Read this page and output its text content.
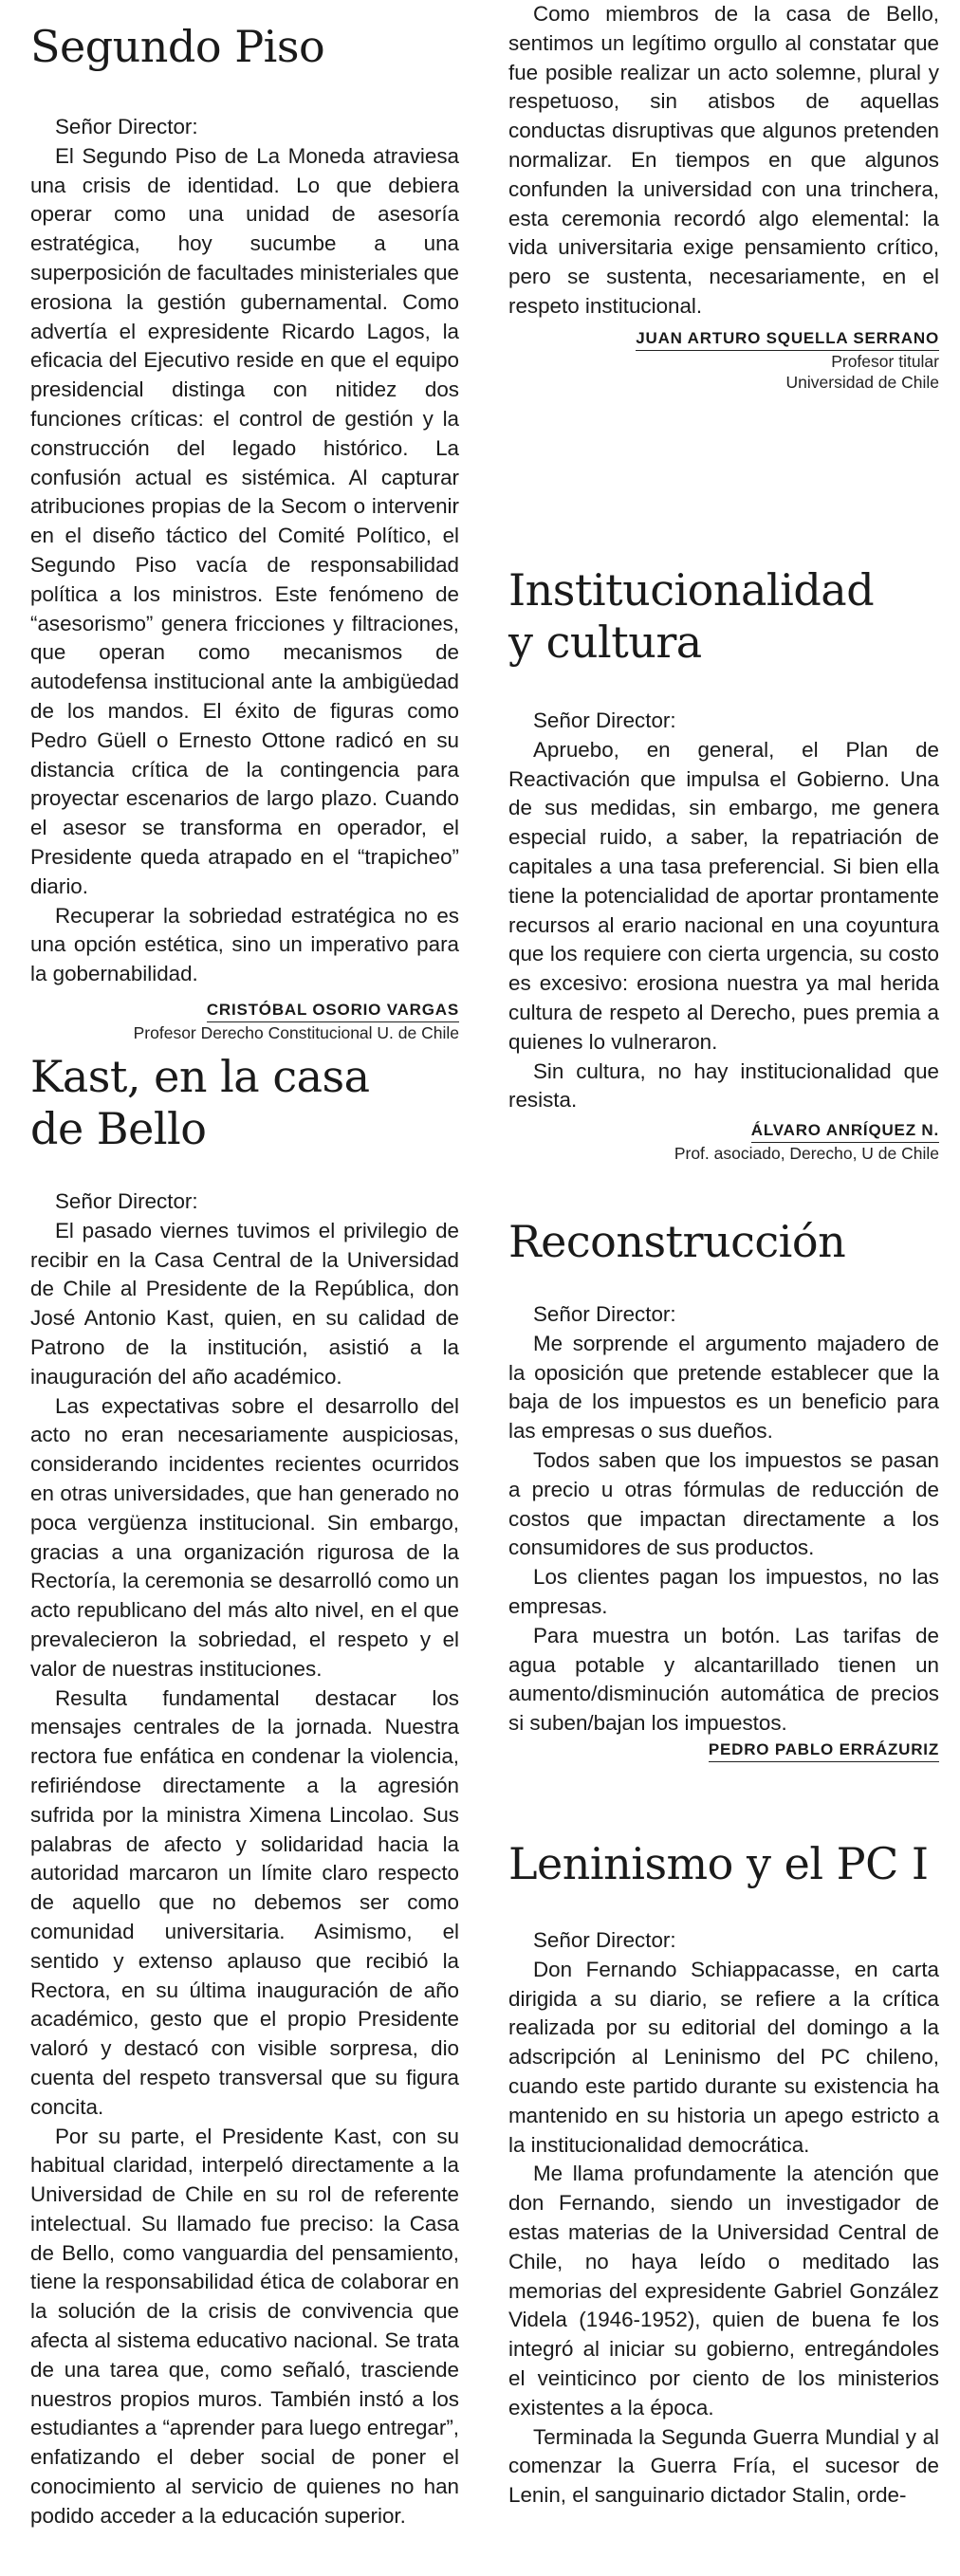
Segundo Piso

Señor Director:

El Segundo Piso de La Moneda atraviesa una crisis de identidad. Lo que debiera operar como una unidad de asesoría estratégica, hoy sucumbe a una superposición de facultades ministeriales que erosiona la gestión gubernamental. Como advertía el expresidente Ricardo Lagos, la eficacia del Ejecutivo reside en que el equipo presidencial distinga con nitidez dos funciones críticas: el control de gestión y la construcción del legado histórico. La confusión actual es sistémica. Al capturar atribuciones propias de la Secom o intervenir en el diseño táctico del Comité Político, el Segundo Piso vacía de responsabilidad política a los ministros. Este fenómeno de “asesorismo” genera fricciones y filtraciones, que operan como mecanismos de autodefensa institucional ante la ambigüedad de los mandos. El éxito de figuras como Pedro Güell o Ernesto Ottone radicó en su distancia crítica de la contingencia para proyectar escenarios de largo plazo. Cuando el asesor se transforma en operador, el Presidente queda atrapado en el “trapicheo” diario.

Recuperar la sobriedad estratégica no es una opción estética, sino un imperativo para la gobernabilidad.

CRISTÓBAL OSORIO VARGAS
Profesor Derecho Constitucional U. de Chile
Kast, en la casa
de Bello

Señor Director:

El pasado viernes tuvimos el privilegio de recibir en la Casa Central de la Universidad de Chile al Presidente de la República, don José Antonio Kast, quien, en su calidad de Patrono de la institución, asistió a la inauguración del año académico.

Las expectativas sobre el desarrollo del acto no eran necesariamente auspiciosas, considerando incidentes recientes ocurridos en otras universidades, que han generado no poca vergüenza institucional. Sin embargo, gracias a una organización rigurosa de la Rectoría, la ceremonia se desarrolló como un acto republicano del más alto nivel, en el que prevalecieron la sobriedad, el respeto y el valor de nuestras instituciones.

Resulta fundamental destacar los mensajes centrales de la jornada. Nuestra rectora fue enfática en condenar la violencia, refiriéndose directamente a la agresión sufrida por la ministra Ximena Lincolao. Sus palabras de afecto y solidaridad hacia la autoridad marcaron un límite claro respecto de aquello que no debemos ser como comunidad universitaria. Asimismo, el sentido y extenso aplauso que recibió la Rectora, en su última inauguración de año académico, gesto que el propio Presidente valoró y destacó con visible sorpresa, dio cuenta del respeto transversal que su figura concita.

Por su parte, el Presidente Kast, con su habitual claridad, interpeló directamente a la Universidad de Chile en su rol de referente intelectual. Su llamado fue preciso: la Casa de Bello, como vanguardia del pensamiento, tiene la responsabilidad ética de colaborar en la solución de la crisis de convivencia que afecta al sistema educativo nacional. Se trata de una tarea que, como señaló, trasciende nuestros propios muros. También instó a los estudiantes a “aprender para luego entregar”, enfatizando el deber social de poner el conocimiento al servicio de quienes no han podido acceder a la educación superior.

Como miembros de la casa de Bello, sentimos un legítimo orgullo al constatar que fue posible realizar un acto solemne, plural y respetuoso, sin atisbos de aquellas conductas disruptivas que algunos pretenden normalizar. En tiempos en que algunos confunden la universidad con una trinchera, esta ceremonia recordó algo elemental: la vida universitaria exige pensamiento crítico, pero se sustenta, necesariamente, en el respeto institucional.

JUAN ARTURO SQUELLA SERRANO
Profesor titular
Universidad de Chile
Institucionalidad
y cultura

Señor Director:

Apruebo, en general, el Plan de Reactivación que impulsa el Gobierno. Una de sus medidas, sin embargo, me genera especial ruido, a saber, la repatriación de capitales a una tasa preferencial. Si bien ella tiene la potencialidad de aportar prontamente recursos al erario nacional en una coyuntura que los requiere con cierta urgencia, su costo es excesivo: erosiona nuestra ya mal herida cultura de respeto al Derecho, pues premia a quienes lo vulneraron.

Sin cultura, no hay institucionalidad que resista.

ÁLVARO ANRÍQUEZ N.
Prof. asociado, Derecho, U de Chile
Reconstrucción

Señor Director:

Me sorprende el argumento majadero de la oposición que pretende establecer que la baja de los impuestos es un beneficio para las empresas o sus dueños.

Todos saben que los impuestos se pasan a precio u otras fórmulas de reducción de costos que impactan directamente a los consumidores de sus productos.

Los clientes pagan los impuestos, no las empresas.

Para muestra un botón. Las tarifas de agua potable y alcantarillado tienen un aumento/disminución automática de precios si suben/bajan los impuestos.

PEDRO PABLO ERRÁZURIZ
Leninismo y el PC I

Señor Director:

Don Fernando Schiappacasse, en carta dirigida a su diario, se refiere a la crítica realizada por su editorial del domingo a la adscripción al Leninismo del PC chileno, cuando este partido durante su existencia ha mantenido en su historia un apego estricto a la institucionalidad democrática.

Me llama profundamente la atención que don Fernando, siendo un investigador de estas materias de la Universidad Central de Chile, no haya leído o meditado las memorias del expresidente Gabriel González Videla (1946-1952), quien de buena fe los integró al iniciar su gobierno, entregándoles el veinticinco por ciento de los ministerios existentes a la época.

Terminada la Segunda Guerra Mundial y al comenzar la Guerra Fría, el sucesor de Lenin, el sanguinario dictador Stalin, orde-
